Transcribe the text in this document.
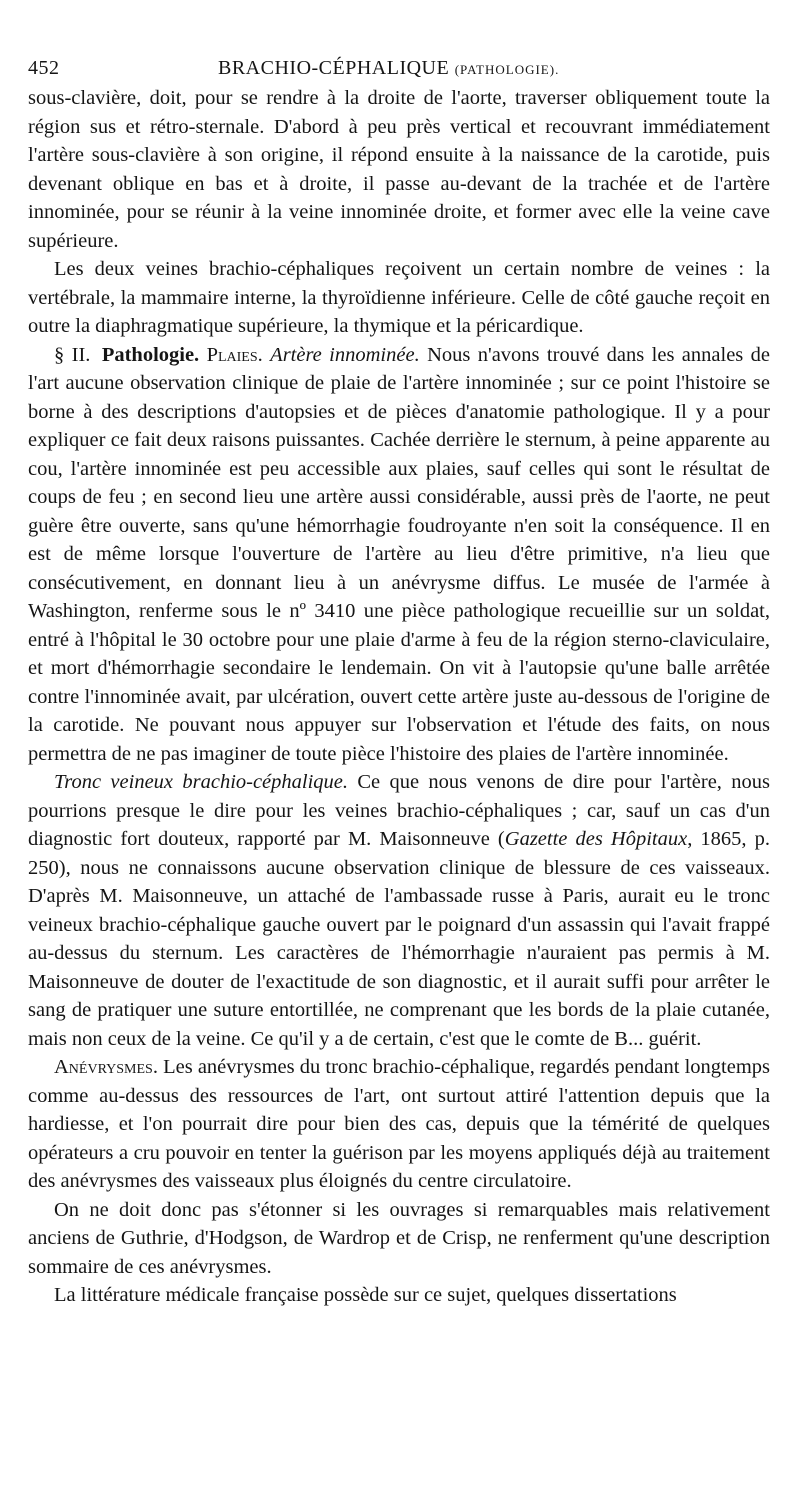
452	BRACHIO-CÉPHALIQUE (PATHOLOGIE).

sous-clavière, doit, pour se rendre à la droite de l'aorte, traverser obliquement toute la région sus et rétro-sternale. D'abord à peu près vertical et recouvrant immédiatement l'artère sous-clavière à son origine, il répond ensuite à la naissance de la carotide, puis devenant oblique en bas et à droite, il passe au-devant de la trachée et de l'artère innominée, pour se réunir à la veine innominée droite, et former avec elle la veine cave supérieure.

Les deux veines brachio-céphaliques reçoivent un certain nombre de veines : la vertébrale, la mammaire interne, la thyroïdienne inférieure. Celle de côté gauche reçoit en outre la diaphragmatique supérieure, la thymique et la péricardique.

§ II. Pathologie. Plaies. Artère innominée. Nous n'avons trouvé dans les annales de l'art aucune observation clinique de plaie de l'artère innominée ; sur ce point l'histoire se borne à des descriptions d'autopsies et de pièces d'anatomie pathologique. Il y a pour expliquer ce fait deux raisons puissantes. Cachée derrière le sternum, à peine apparente au cou, l'artère innominée est peu accessible aux plaies, sauf celles qui sont le résultat de coups de feu ; en second lieu une artère aussi considérable, aussi près de l'aorte, ne peut guère être ouverte, sans qu'une hémorrhagie foudroyante n'en soit la conséquence. Il en est de même lorsque l'ouverture de l'artère au lieu d'être primitive, n'a lieu que consécutivement, en donnant lieu à un anévrysme diffus. Le musée de l'armée à Washington, renferme sous le nº 3410 une pièce pathologique recueillie sur un soldat, entré à l'hôpital le 30 octobre pour une plaie d'arme à feu de la région sterno-claviculaire, et mort d'hémorrhagie secondaire le lendemain. On vit à l'autopsie qu'une balle arrêtée contre l'innominée avait, par ulcération, ouvert cette artère juste au-dessous de l'origine de la carotide. Ne pouvant nous appuyer sur l'observation et l'étude des faits, on nous permettra de ne pas imaginer de toute pièce l'histoire des plaies de l'artère innominée.

Tronc veineux brachio-céphalique. Ce que nous venons de dire pour l'artère, nous pourrions presque le dire pour les veines brachio-céphaliques ; car, sauf un cas d'un diagnostic fort douteux, rapporté par M. Maisonneuve (Gazette des Hôpitaux, 1865, p. 250), nous ne connaissons aucune observation clinique de blessure de ces vaisseaux. D'après M. Maisonneuve, un attaché de l'ambassade russe à Paris, aurait eu le tronc veineux brachio-céphalique gauche ouvert par le poignard d'un assassin qui l'avait frappé au-dessus du sternum. Les caractères de l'hémorrhagie n'auraient pas permis à M. Maisonneuve de douter de l'exactitude de son diagnostic, et il aurait suffi pour arrêter le sang de pratiquer une suture entortillée, ne comprenant que les bords de la plaie cutanée, mais non ceux de la veine. Ce qu'il y a de certain, c'est que le comte de B... guérit.

Anévrysmes. Les anévrysmes du tronc brachio-céphalique, regardés pendant longtemps comme au-dessus des ressources de l'art, ont surtout attiré l'attention depuis que la hardiesse, et l'on pourrait dire pour bien des cas, depuis que la témérité de quelques opérateurs a cru pouvoir en tenter la guérison par les moyens appliqués déjà au traitement des anévrysmes des vaisseaux plus éloignés du centre circulatoire.

On ne doit donc pas s'étonner si les ouvrages si remarquables mais relativement anciens de Guthrie, d'Hodgson, de Wardrop et de Crisp, ne renferment qu'une description sommaire de ces anévrysmes.

La littérature médicale française possède sur ce sujet, quelques dissertations
